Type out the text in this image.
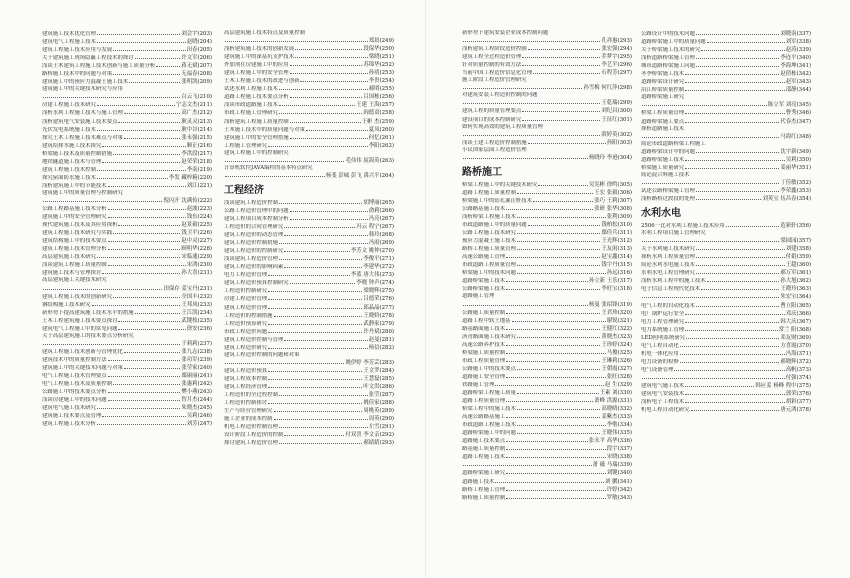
建筑施工技术优化管理	刘会宇(203)
建筑电气工程施工技术	赵晓(204)
建筑工程施工技术应用与发展	田春(205)
关于建筑施工现场隐蔽工程技术的探讨	许文军(206)
浅谈土木建筑工程施工技术创新与施工质量分析	蒋无斌(207)
路桥施工技术中的问题与对策	无福春(208)
建筑施工中的预应力混凝土施工技术	张明凯(209)
建筑施工中的关键技术研究与应用
白云飞(210)
房建工程施工技术研究	宁志文杰(211)
浅析水利工程施工技术与施工管理	高广杰(212)
浅析建筑电气安装施工技术要点	耿灵灵(213)
光伏发电系统施工技术	耿中谷(214)
探究土木工程施工技术难点与对策	张永强(215)
建筑给排水施工技术探究	顺正(216)
桥梁施工技术及质量控制措施	李洪段(217)
地铁隧道施工技术与管理	赵荣荣(218)
建筑工程施工技术控制	李南(219)
探究屋面防水施工技术	李发 藏梓箱(220)
浅析建筑施工中的节能技术	刘江(221)
建筑施工中的质量管理与控制研究
倪闪开 沈满传(222)
公路工程路基施工技术分析	赵波(223)
建筑施工中的安全管理研究	钱东(224)
现代建筑施工技术及其应用探析	赵景毅(225)
建筑工程施工技术研究与实践	钱卫平(226)
建筑结构施工中的技术要点	赵中灵(227)
建筑工程施工技术管理分析	顾明华(228)
高层建筑施工技术研究	宋临通(229)
浅谈建筑工程施工质量控制	宋鸿(230)
建筑施工技术与管理探讨	孙大喜(231)
高层建筑施工关键技术研究
田保存 姜宝丹(231)
建筑工程施工技术的创新研究	全国丰(232)
钢结构施工技术研究	王邦凤(233)
新形势下提高建筑施工技术水平的措施	王江凯(234)
土木工程建筑施工技术要点探讨	武键枝(235)
建筑电气工程施工中的常见问题	徐安(236)
关于高层建筑施工的技术要点分析研究
于莉莉(237)
建筑工程施工技术创新与管理优化	张九志(238)
建筑技术中的质量控制方法	张功军(239)
建筑施工中的关键技术问题与对策	张莹家(240)
电气工程施工技术管理要点	鄢丽丽(241)
电气工程施工技术及质量控制	张惠莉(242)
公路施工中的技术要点分析	樊小燕(243)
浅谈房建施工中的技术问题	智月杰(244)
建筑电气施工技术研究	朱晓杰(245)
建筑施工技术要点及管理	吴莉(246)
建筑工程施工技术分析	刘芳(247)
高层建筑施工技术特点及质量控制
郑晨(249)
浅析建筑施工技术的创新发展	段保华(250)
建筑施工中的深基坑支护技术	梁晓(251)
外加剂在房建施工中的应用	苏锦华(252)
建筑工程施工中的安全管理	孙靖(253)
土木工程施工技术的改进与创新	李贵(254)
试述水利工程施工技术	郝明(255)
道路工程施工技术要点分析	吕国栋(256)
浅谈市政道路施工技术	王建 王海(257)
市政工程施工管理研究	阎德双(258)
浅析建筑工程施工质量控制	王彬 杰(259)
土木施工技术中的质量问题与对策	夏凤(260)
建筑施工中的安全管理措施	何忆(261)
工程施工管理研究	李阳(262)
建筑工程施工中的控制研究
毛伟伟 屈海英(263)
计算机软件JAVA编程的基本特点研究
杨斐 彭城 彭飞 禹兴平(264)
工程经济
浅谈建筑工程造价控制	胡博丽(265)
公路工程造价管理中的问题	俞莉(266)
建筑工程项目成本控制分析	冯亮(267)
工程造价的合同管理研究	冯云 程宁(267)
建筑工程造价的动态管理	韩玲(268)
建筑工程造价控制措施	冯雨(269)
建筑工程造价的控制研究	李芳文 姚仲(270)
浅谈建筑工程造价管理	李俊平(271)
建筑工程造价的影响因素	李建华(272)
电力工程造价管理	李蓝 唐大伟(273)
建筑工程造价预算控制研究	李晓 钟声(274)
工程造价控制研究	梁晓辉(275)
房建工程造价管理	吕德荣(276)
建筑工程造价管理	邱晶晶(277)
工程造价的控制措施	王晓娇(278)
工程造价预算研究	武静家(279)
市政工程造价问题	许丹斌(280)
建筑工程造价控制与管理	赵曼(281)
建筑工程造价研究	杨信(282)
建筑工程造价控制的问题和对策
姚伊婷 李芳芸(283)
建筑工程造价预算	王文罗(284)
建筑工程成本控制	王慧磊(285)
建筑工程经济管理	叶文洪(286)
工程造价的全过程控制	张莹(287)
工程造价控制探讨	姚佳家(288)
生产与经营管理研究	周桃英(289)
施工企业的成本控制	周英(290)
机电工程造价控制管理	左雪(291)
设计阶段工程造价的控制	付双喜 李文亲(292)
探讨建筑工程造价管理	郝婧婧(293)
新形势下建筑安装企业成本控制问题
孔祥惠(293)
浅析建筑工程阶段造价控制	张宏强(294)
建筑工程全过程造价管理	乔梦宇(295)
针对质量控制的有效方法	李艺平(296)
当前中国工程造价信息化管理	石程芳(297)
施工阶段工程造价管理研究
孙雪梅 何红萍(298)
对建筑安装工程造价控制的问题
王乾瑞(299)
建筑工程的质量管理要点	刘纪昌(300)
建设项目的成本控制研究	王征红(301)
如何实现高效的建筑工程质量管理
薛婷英(302)
浅谈土建工程造价控制措施	孙阳(303)
小议国家层面工程造价管理
杨晓玲 李逊(304)
路桥施工
桥梁工程施工中的关键技术研究	吴宪彬 徐鸣(305)
道路工程施工质量控制	王宏 张毅(306)
桥梁施工中的钻孔灌注桩技术	张巧 王莉(307)
公路路基施工技术	张研 张华(308)
浅析桥梁工程施工技术	张利(309)
市政道路施工中的质量问题	钱柏松(310)
公路工程施工技术研究	鄢佳兵(311)
预应力混凝土施工技术	王光辉(312)
路桥工程施工质量管理	王友雨(313)
高速公路施工管理	赵宝鑫(314)
市政道路工程质量管理	钱宇丹(315)
桥梁施工中的技术问题	孙远(316)
道路桥梁施工技术	孙立新 王乐(317)
公路桥梁施工技术	李旺宝(318)
道路施工管理
杨曼 张绍锋(319)
公路施工质量控制	王君珍(320)
道路工程中软土地基	谢锐(321)
路基路面施工技术	王健红(322)
沥青路面施工技术研究	黄晓杰(323)
高速公路养护技术	王珍婷(324)
桥梁施工质量控制	马俊(325)
市政工程质量管理	王琳莉(326)
公路施工中的技术要点	王朝霞(327)
道路施工安全管理	张旺(328)
铁路施工管理	赵 生(329)
道路桥梁工程施工质量	王素 刘(330)
道路工程质量管理	萧峰 洪源(331)
桥梁工程中的施工技术	高晓晴(332)
高速公路路基施工	姜紫杰(333)
市政道路工程施工技术	李勉(334)
道路桥梁施工中的问题	王晓伟(335)
道路施工技术要点	张永平 高华(336)
路基施工质量控制	段宇(337)
道路工程施工技术	宋晓(338)
萧 薇 马瑞(339)
道路桥梁施工研究	刘键(340)
道路施工技术	刘 鹏(341)
路桥工程施工管理	许婷(342)
路桥施工质量控制	罗敏(343)
公路设计中的技术问题	刘晓南(337)
道路桥梁施工中的质量问题	刘军(338)
关于桥梁施工技术的研究	赵涛(339)
浅析道路桥梁施工管理	李连平(340)
城市道路桥梁施工问题	李海坤(341)
冬季桥梁施工技术	赵倩栋(342)
道路桥梁设计研究	赵军(343)
沿江桥梁质量控制	邵静(344)
道路桥梁施工研究
陈立军 刘亮(345)
桥梁工程质量管理	曹秀(346)
道路桥梁施工要点	代春杰(347)
探析道路施工技术
马海红(348)
简论市政道路桥梁工程施工
道路桥梁设计中的问题	沈宇新(349)
道路桥梁施工技术	吴莉(350)
桥梁施工质量研究	姜丽华(351)
简论混合料施工技术
丁佳敏(352)
试述公路桥梁施工管理	李荣鑫(353)
浅析路桥过渡段的处理	刘英宝 伍昌春(354)
水利水电
2506一比对水利工程施工技术应用	造新轩(356)
水利工程项目施工管理研究
梁园园(357)
关于水利施工技术研究	刘建(358)
探析水利工程质量管理	付娟(359)
简论水利水电施工技术	王超(360)
水利水电工程管理研究	郝万军(361)
浅析水利工程中的施工技术	孙大旭(362)
电子信息工程现代化技术	王晓玲(363)
朱宏宝(364)
电气工程的自动化技术	曹立阳(365)
电厂锅炉运行安全	邓庆(366)
电力工程管理研究	韩大庆(367)
电力系统施工管理	常兰 阳(368)
LED照明系统研究	邓友财(369)
电气工程自动化	方喜霞(370)
机电一体化应用	冯海(371)
电力设备的检修	郝晓辉(372)
电气设备管理	高帆(373)
付强(374)
建筑电气施工技术	韩应姜 杨峰 程中(375)
建筑电气安装技术	郭荣(376)
浅析电子工程技术	胡彩(377)
机电工程自动化研究	唐元鸿(378)
